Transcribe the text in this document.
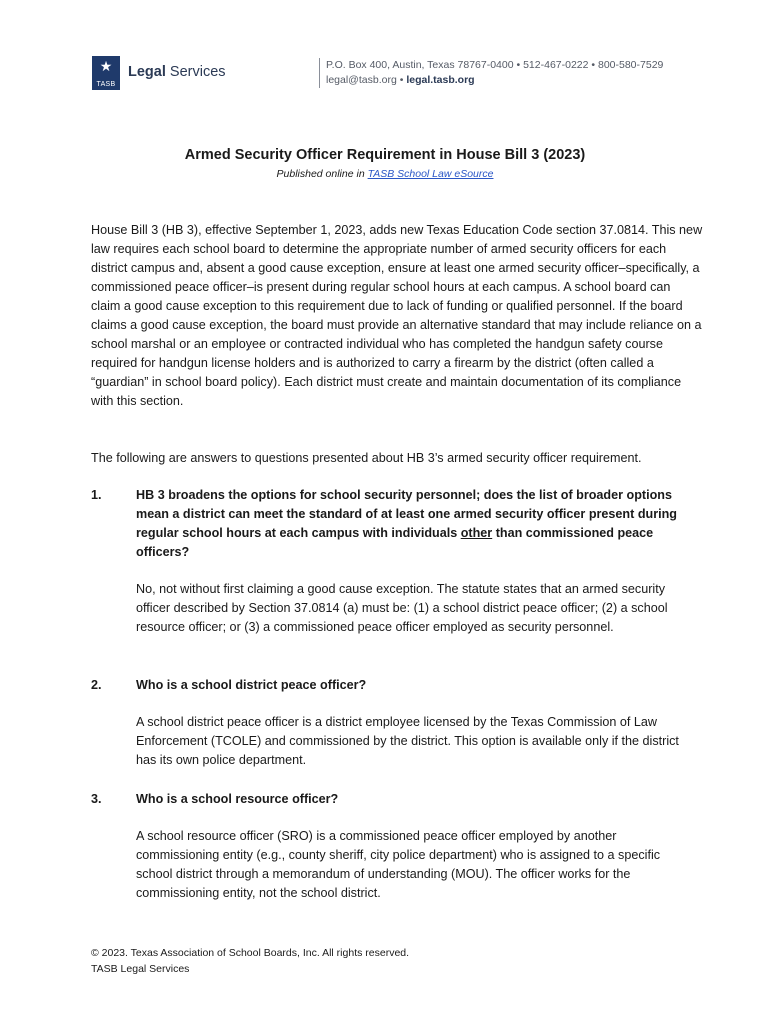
★
TASB
Legal Services	P.O. Box 400, Austin, Texas 78767-0400 • 512-467-0222 • 800-580-7529
legal@tasb.org • legal.tasb.org
Armed Security Officer Requirement in House Bill 3 (2023)
Published online in TASB School Law eSource

House Bill 3 (HB 3), effective September 1, 2023, adds new Texas Education Code section 37.0814. This new law requires each school board to determine the appropriate number of armed security officers for each district campus and, absent a good cause exception, ensure at least one armed security officer–specifically, a commissioned peace officer–is present during regular school hours at each campus. A school board can claim a good cause exception to this requirement due to lack of funding or qualified personnel. If the board claims a good cause exception, the board must provide an alternative standard that may include reliance on a school marshal or an employee or contracted individual who has completed the handgun safety course required for handgun license holders and is authorized to carry a firearm by the district (often called a “guardian” in school board policy). Each district must create and maintain documentation of its compliance with this section.

The following are answers to questions presented about HB 3’s armed security officer requirement.

1.	HB 3 broadens the options for school security personnel; does the list of broader options mean a district can meet the standard of at least one armed security officer present during regular school hours at each campus with individuals other than commissioned peace officers?

No, not without first claiming a good cause exception. The statute states that an armed security officer described by Section 37.0814 (a) must be: (1) a school district peace officer; (2) a school resource officer; or (3) a commissioned peace officer employed as security personnel.

2.	Who is a school district peace officer?

A school district peace officer is a district employee licensed by the Texas Commission of Law Enforcement (TCOLE) and commissioned by the district. This option is available only if the district has its own police department.

3.	Who is a school resource officer?

A school resource officer (SRO) is a commissioned peace officer employed by another commissioning entity (e.g., county sheriff, city police department) who is assigned to a specific school district through a memorandum of understanding (MOU). The officer works for the commissioning entity, not the school district.

© 2023. Texas Association of School Boards, Inc. All rights reserved.
TASB Legal Services
